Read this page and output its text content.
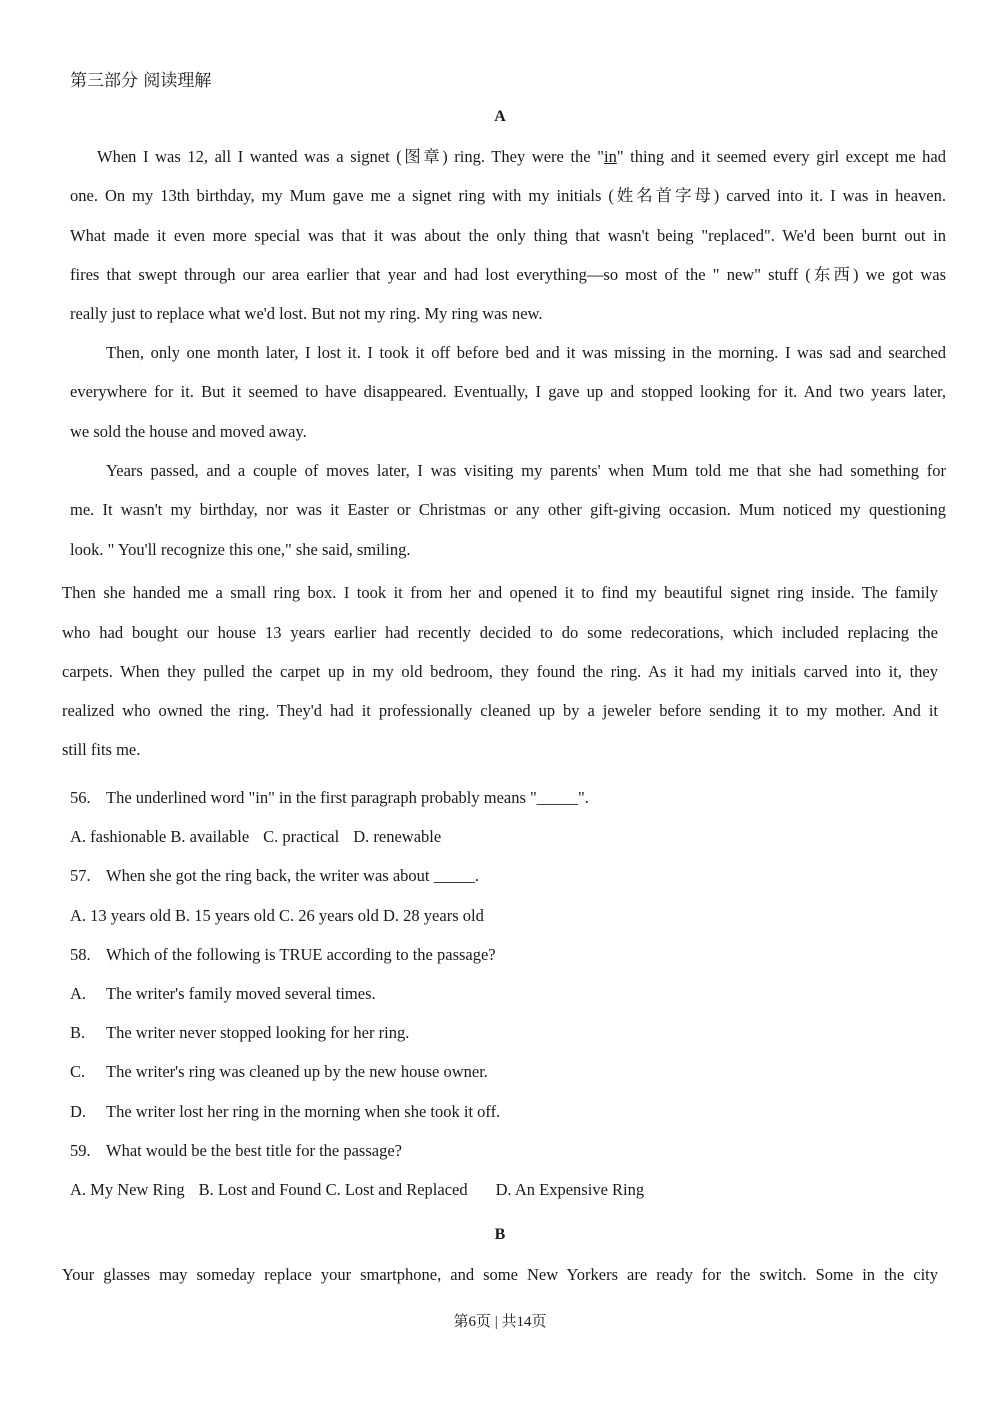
第三部分 阅读理解
A
When I was 12, all I wanted was a signet (图章) ring. They were the "in" thing and it seemed every girl except me had
one. On my 13th birthday, my Mum gave me a signet ring with my initials (姓名首字母) carved into it. I was in heaven.
What made it even more special was that it was about the only thing that wasn't being "replaced". We'd been burnt out in
fires that swept through our area earlier that year and had lost everything—so most of the " new" stuff (东西) we got was
really just to replace what we'd lost. But not my ring. My ring was new.
Then, only one month later, I lost it. I took it off before bed and it was missing in the morning. I was sad and searched
everywhere for it. But it seemed to have disappeared. Eventually, I gave up and stopped looking for it. And two years later,
we sold the house and moved away.
Years passed, and a couple of moves later, I was visiting my parents' when Mum told me that she had something for
me. It wasn't my birthday, nor was it Easter or Christmas or any other gift-giving occasion. Mum noticed my questioning
look. " You'll recognize this one," she said, smiling.
Then she handed me a small ring box. I took it from her and opened it to find my beautiful signet ring inside. The family
who had bought our house 13 years earlier had recently decided to do some redecorations, which included replacing the
carpets. When they pulled the carpet up in my old bedroom, they found the ring. As it had my initials carved into it, they
realized who owned the ring. They'd had it professionally cleaned up by a jeweler before sending it to my mother. And it
still fits me.
56. The underlined word "in" in the first paragraph probably means "_____".
A. fashionable B. available C. practical D. renewable
57. When she got the ring back, the writer was about _____.
A. 13 years old B. 15 years old C. 26 years old D. 28 years old
58. Which of the following is TRUE according to the passage?
A. The writer's family moved several times.
B. The writer never stopped looking for her ring.
C. The writer's ring was cleaned up by the new house owner.
D. The writer lost her ring in the morning when she took it off.
59. What would be the best title for the passage?
A. My New Ring B. Lost and Found C. Lost and Replaced D. An Expensive Ring
B
Your glasses may someday replace your smartphone, and some New Yorkers are ready for the switch. Some in the city
第6页 | 共14页
